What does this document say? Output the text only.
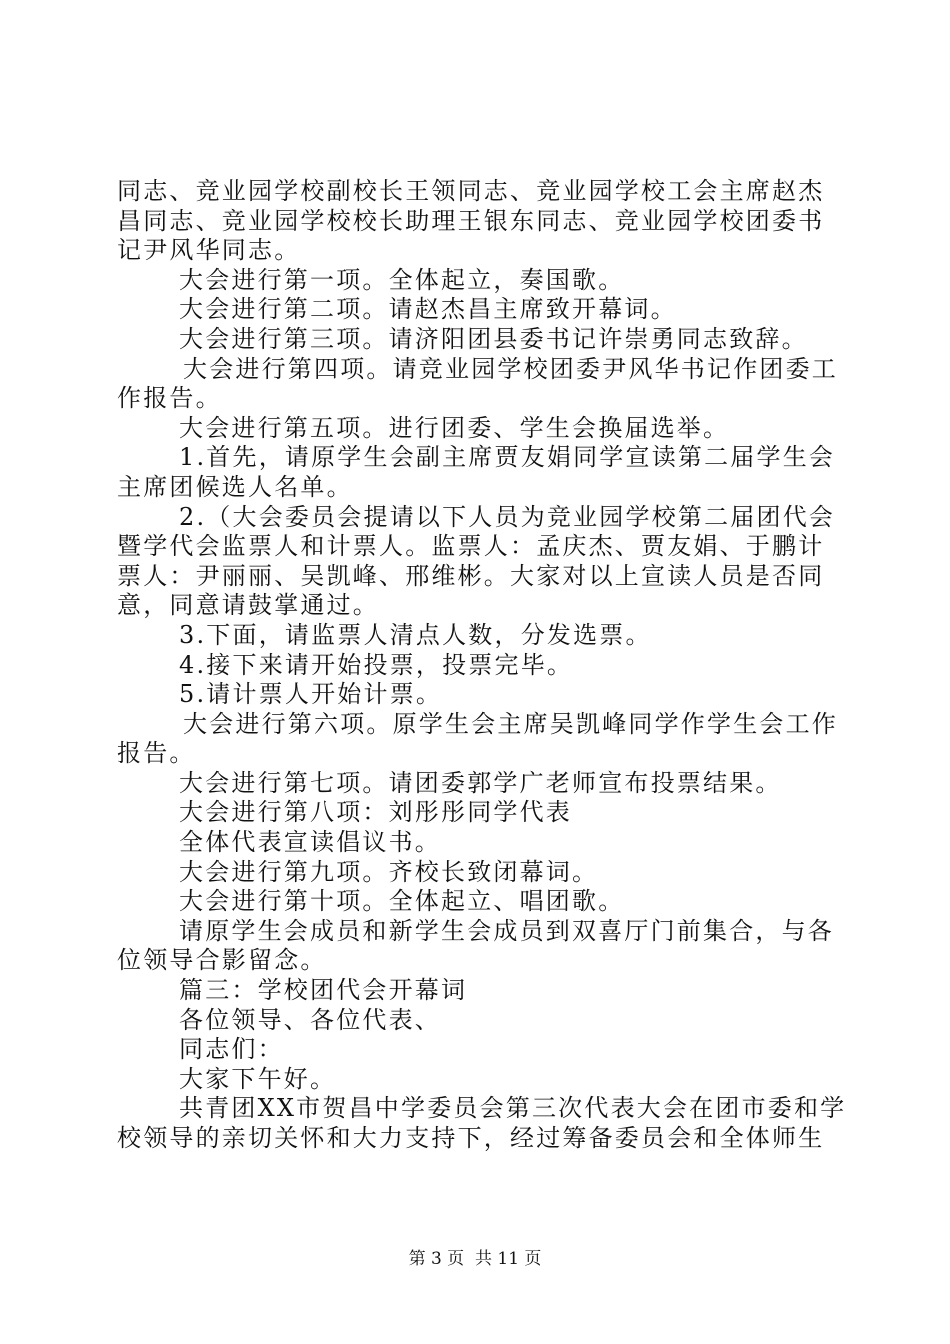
同志、竞业园学校副校长王领同志、竞业园学校工会主席赵杰
昌同志、竞业园学校校长助理王银东同志、竞业园学校团委书
记尹风华同志。
大会进行第一项。全体起立，奏国歌。
大会进行第二项。请赵杰昌主席致开幕词。
大会进行第三项。请济阳团县委书记许崇勇同志致辞。
大会进行第四项。请竞业园学校团委尹风华书记作团委工
作报告。
大会进行第五项。进行团委、学生会换届选举。
1.首先，请原学生会副主席贾友娟同学宣读第二届学生会
主席团候选人名单。
2.（大会委员会提请以下人员为竞业园学校第二届团代会
暨学代会监票人和计票人。监票人：孟庆杰、贾友娟、于鹏计
票人：尹丽丽、吴凯峰、邢维彬。大家对以上宣读人员是否同
意，同意请鼓掌通过。
3.下面，请监票人清点人数，分发选票。
4.接下来请开始投票，投票完毕。
5.请计票人开始计票。
大会进行第六项。原学生会主席吴凯峰同学作学生会工作
报告。
大会进行第七项。请团委郭学广老师宣布投票结果。
大会进行第八项：刘彤彤同学代表
全体代表宣读倡议书。
大会进行第九项。齐校长致闭幕词。
大会进行第十项。全体起立、唱团歌。
请原学生会成员和新学生会成员到双喜厅门前集合，与各
位领导合影留念。
篇三：学校团代会开幕词
各位领导、各位代表、
同志们：
大家下午好。
共青团XX市贺昌中学委员会第三次代表大会在团市委和学
校领导的亲切关怀和大力支持下，经过筹备委员会和全体师生
第 3 页  共 11 页
